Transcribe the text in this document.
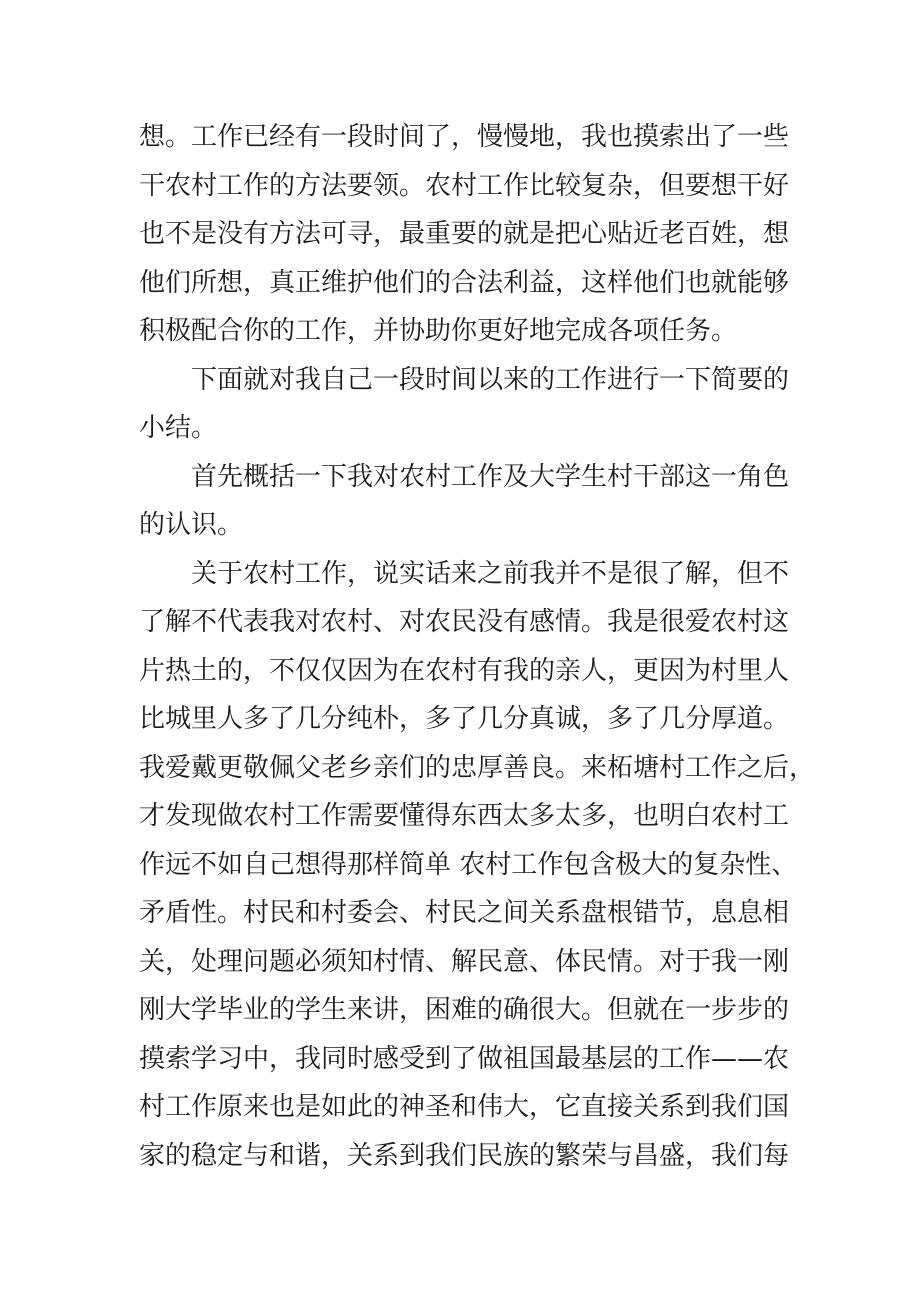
想。工作已经有一段时间了，慢慢地，我也摸索出了一些
干农村工作的方法要领。农村工作比较复杂，但要想干好
也不是没有方法可寻，最重要的就是把心贴近老百姓，想
他们所想，真正维护他们的合法利益，这样他们也就能够
积极配合你的工作，并协助你更好地完成各项任务。
下面就对我自己一段时间以来的工作进行一下简要的
小结。
首先概括一下我对农村工作及大学生村干部这一角色
的认识。
关于农村工作，说实话来之前我并不是很了解，但不
了解不代表我对农村、对农民没有感情。我是很爱农村这
片热土的，不仅仅因为在农村有我的亲人，更因为村里人
比城里人多了几分纯朴，多了几分真诚，多了几分厚道。
我爱戴更敬佩父老乡亲们的忠厚善良。来柘塘村工作之后，
才发现做农村工作需要懂得东西太多太多，也明白农村工
作远不如自己想得那样简单 农村工作包含极大的复杂性、
矛盾性。村民和村委会、村民之间关系盘根错节，息息相
关，处理问题必须知村情、解民意、体民情。对于我一刚
刚大学毕业的学生来讲，困难的确很大。但就在一步步的
摸索学习中，我同时感受到了做祖国最基层的工作——农
村工作原来也是如此的神圣和伟大，它直接关系到我们国
家的稳定与和谐，关系到我们民族的繁荣与昌盛，我们每
